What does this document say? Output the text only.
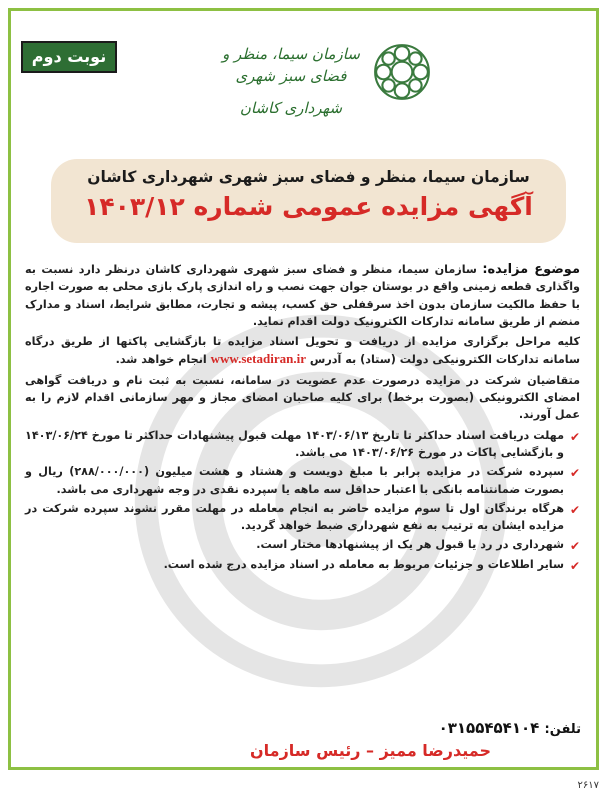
نوبت دوم	سازمان سیما، منظر و فضای سبز شهری
شهرداری کاشان
سازمان سیما، منظر و فضای سبز شهری شهرداری کاشان
آگهی مزایده عمومی شماره ۱۴۰۳/۱۲

موضوع مزایده: سازمان سیما، منظر و فضای سبز شهری شهرداری کاشان درنظر دارد نسبت به واگذاری قطعه زمینی واقع در بوستان جوان جهت نصب و راه اندازی پارک بازی محلی به صورت اجاره با حفظ مالکیت سازمان بدون اخذ سرقفلی حق کسب، پیشه و تجارت، مطابق شرایط، اسناد و مدارک منضم از طریق سامانه تدارکات الکترونیک دولت اقدام نماید.

کلیه مراحل برگزاری مزایده از دریافت و تحویل اسناد مزایده تا بازگشایی پاکتها از طریق درگاه سامانه تدارکات الکترونیکی دولت (ستاد) به آدرس www.setadiran.ir انجام خواهد شد.

متقاضیان شرکت در مزایده درصورت عدم عضویت در سامانه، نسبت به ثبت نام و دریافت گواهی امضای الکترونیکی (بصورت برخط) برای کلیه صاحبان امضای مجاز و مهر سازمانی اقدام لازم را به عمل آورند.

✔
مهلت دریافت اسناد حداکثر تا تاریخ ۱۴۰۳/۰۶/۱۳ مهلت قبول پیشنهادات حداکثر تا مورخ ۱۴۰۳/۰۶/۲۴ و بازگشایی پاکات در مورخ ۱۴۰۳/۰۶/۲۶ می باشد.
✔
سپرده شرکت در مزایده برابر با مبلغ دویست و هشتاد و هشت میلیون (۲۸۸/۰۰۰/۰۰۰) ریال و بصورت ضمانتنامه بانکی با اعتبار حداقل سه ماهه یا سپرده نقدی در وجه شهرداری می باشد.
✔
هرگاه برندگان اول تا سوم مزایده حاضر به انجام معامله در مهلت مقرر نشوند سپرده شرکت در مزایده ایشان به ترتیب به نفع شهرداری ضبط خواهد گردید.
✔
شهرداری در رد یا قبول هر یک از پیشنهادها مختار است.
✔
سایر اطلاعات و جزئیات مربوط به معامله در اسناد مزایده درج شده است.
تلفن: ۰۳۱۵۵۴۵۴۱۰۴
حمیدرضا ممیز – رئیس سازمان
۲۶۱۷
